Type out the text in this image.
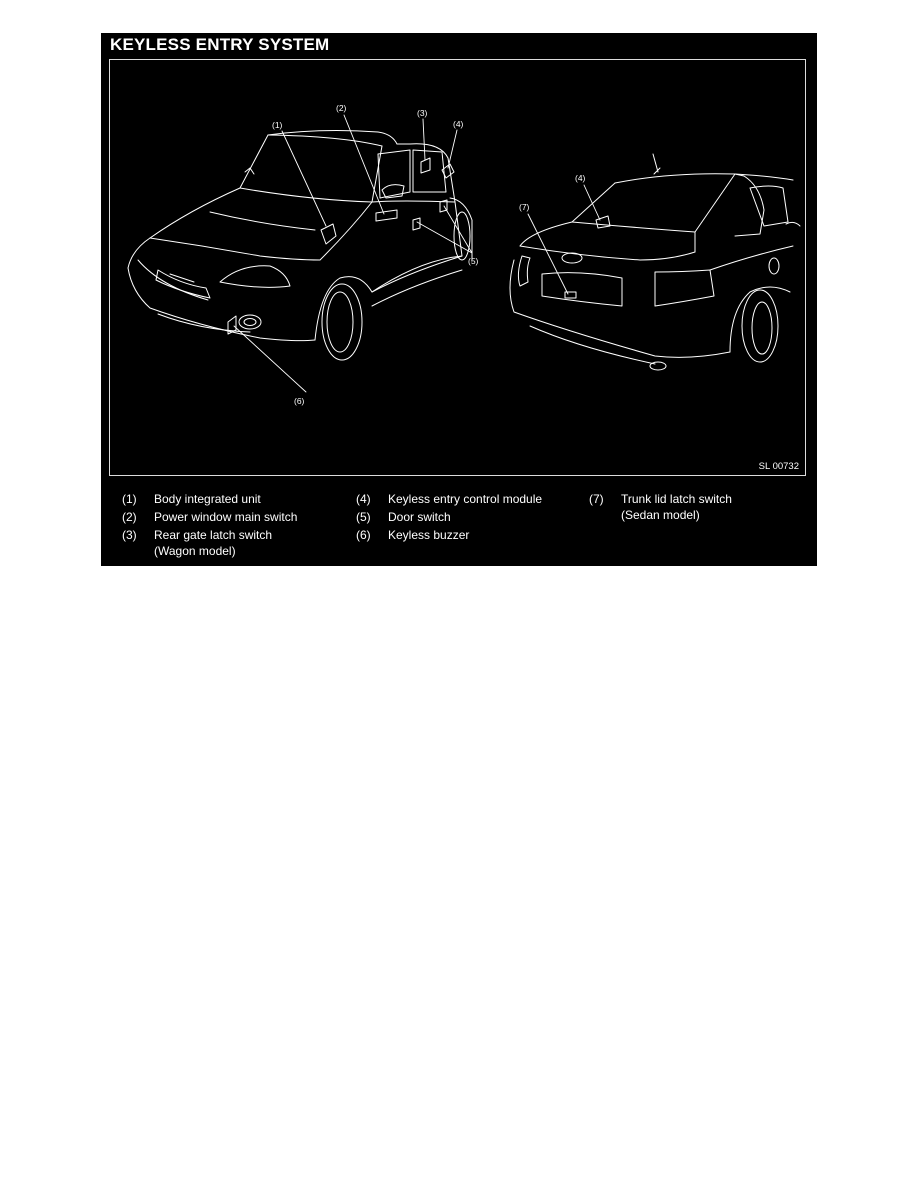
KEYLESS ENTRY SYSTEM
(1)
(2)	(3)
(4)
(5)
(6)
(4)
(7)
SL 00732
(1) Body integrated unit
(2) Power window main switch
(3) Rear gate latch switch
(Wagon model)
(4) Keyless entry control module
(5) Door switch
(6) Keyless buzzer
(7) Trunk lid latch switch
(Sedan model)
